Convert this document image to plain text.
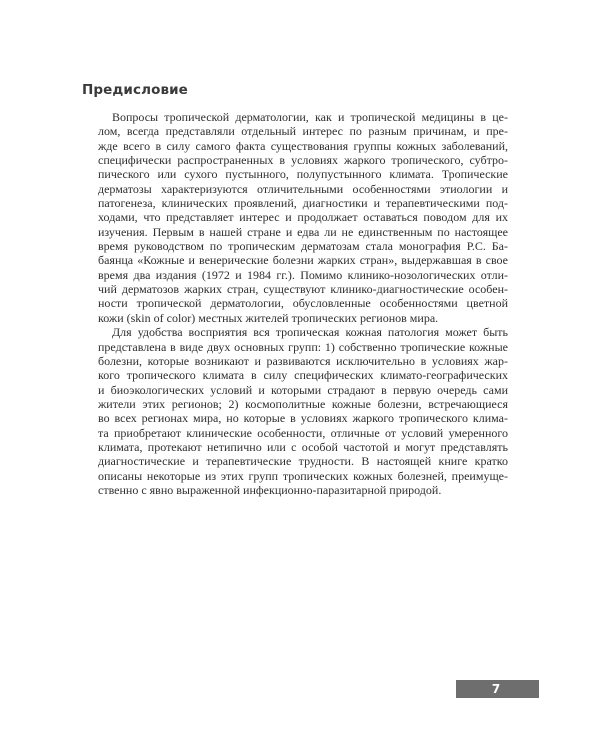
Предисловие

Вопросы тропической дерматологии, как и тропической медицины в це-
лом, всегда представляли отдельный интерес по разным причинам, и пре-
жде всего в силу самого факта существования группы кожных заболеваний,
специфически распространенных в условиях жаркого тропического, субтро-
пического или сухого пустынного, полупустынного климата. Тропические
дерматозы характеризуются отличительными особенностями этиологии и
патогенеза, клинических проявлений, диагностики и терапевтическими под-
ходами, что представляет интерес и продолжает оставаться поводом для их
изучения. Первым в нашей стране и едва ли не единственным по настоящее
время руководством по тропическим дерматозам стала монография Р.С. Ба-
баянца «Кожные и венерические болезни жарких стран», выдержавшая в свое
время два издания (1972 и 1984 гг.). Помимо клинико-нозологических отли-
чий дерматозов жарких стран, существуют клинико-диагностические особен-
ности тропической дерматологии, обусловленные особенностями цветной
кожи (skin of color) местных жителей тропических регионов мира.

Для удобства восприятия вся тропическая кожная патология может быть
представлена в виде двух основных групп: 1) собственно тропические кожные
болезни, которые возникают и развиваются исключительно в условиях жар-
кого тропического климата в силу специфических климато-географических
и биоэкологических условий и которыми страдают в первую очередь сами
жители этих регионов; 2) космополитные кожные болезни, встречающиеся
во всех регионах мира, но которые в условиях жаркого тропического клима-
та приобретают клинические особенности, отличные от условий умеренного
климата, протекают нетипично или с особой частотой и могут представлять
диагностические и терапевтические трудности. В настоящей книге кратко
описаны некоторые из этих групп тропических кожных болезней, преимуще-
ственно с явно выраженной инфекционно-паразитарной природой.

7
